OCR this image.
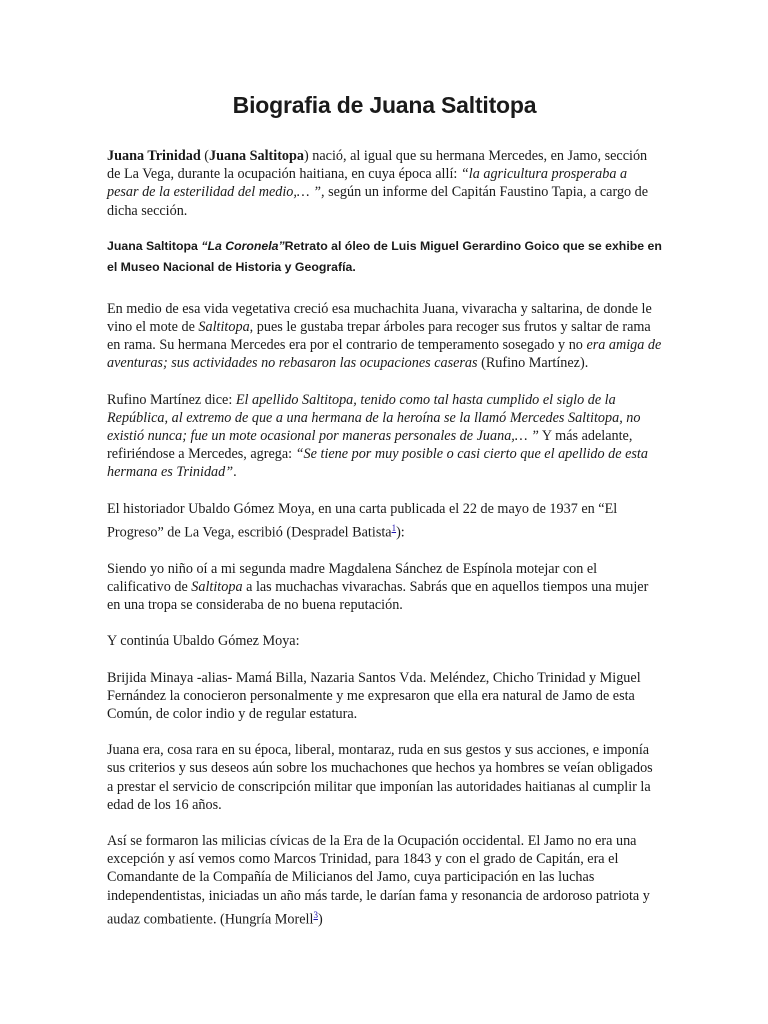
Biografia de Juana Saltitopa

Juana Trinidad (Juana Saltitopa) nació, al igual que su hermana Mercedes, en Jamo, sección de La Vega, durante la ocupación haitiana, en cuya época allí: “la agricultura prosperaba a pesar de la esterilidad del medio,… ”, según un informe del Capitán Faustino Tapia, a cargo de dicha sección.

Juana Saltitopa “La Coronela”Retrato al óleo de Luis Miguel Gerardino Goico que se exhibe en el Museo Nacional de Historia y Geografía.

En medio de esa vida vegetativa creció esa muchachita Juana, vivaracha y saltarina, de donde le vino el mote de Saltitopa, pues le gustaba trepar árboles para recoger sus frutos y saltar de rama en rama. Su hermana Mercedes era por el contrario de temperamento sosegado y no era amiga de aventuras; sus actividades no rebasaron las ocupaciones caseras (Rufino Martínez).

Rufino Martínez dice: El apellido Saltitopa, tenido como tal hasta cumplido el siglo de la República, al extremo de que a una hermana de la heroína se la llamó Mercedes Saltitopa, no existió nunca; fue un mote ocasional por maneras personales de Juana,… ” Y más adelante, refiriéndose a Mercedes, agrega: “Se tiene por muy posible o casi cierto que el apellido de esta hermana es Trinidad”.

El historiador Ubaldo Gómez Moya, en una carta publicada el 22 de mayo de 1937 en “El Progreso” de La Vega, escribió (Despradel Batista$^1$):

Siendo yo niño oí a mi segunda madre Magdalena Sánchez de Espínola motejar con el calificativo de Saltitopa a las muchachas vivarachas. Sabrás que en aquellos tiempos una mujer en una tropa se consideraba de no buena reputación.

Y continúa Ubaldo Gómez Moya:

Brijida Minaya -alias- Mamá Billa, Nazaria Santos Vda. Meléndez, Chicho Trinidad y Miguel Fernández la conocieron personalmente y me expresaron que ella era natural de Jamo de esta Común, de color indio y de regular estatura.

Juana era, cosa rara en su época, liberal, montaraz, ruda en sus gestos y sus acciones, e imponía sus criterios y sus deseos aún sobre los muchachones que hechos ya hombres se veían obligados a prestar el servicio de conscripción militar que imponían las autoridades haitianas al cumplir la edad de los 16 años.

Así se formaron las milicias cívicas de la Era de la Ocupación occidental. El Jamo no era una excepción y así vemos como Marcos Trinidad, para 1843 y con el grado de Capitán, era el Comandante de la Compañía de Milicianos del Jamo, cuya participación en las luchas independentistas, iniciadas un año más tarde, le darían fama y resonancia de ardoroso patriota y audaz combatiente. (Hungría Morell$^3$)
